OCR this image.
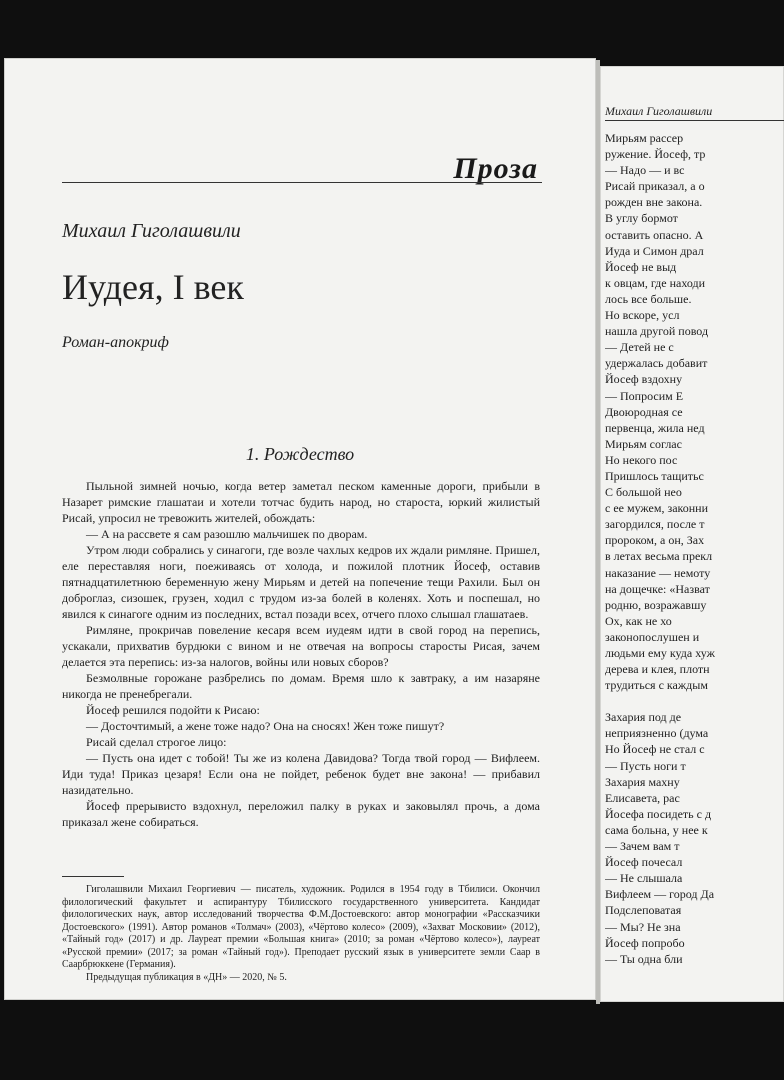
Проза
Михаил Гиголашвили
Иудея, I век
Роман-апокриф
1. Рождество

Пыльной зимней ночью, когда ветер заметал песком каменные дороги, прибыли в Назарет римские глашатаи и хотели тотчас будить народ, но староста, юркий жилистый Рисай, упросил не тревожить жителей, обождать:

— А на рассвете я сам разошлю мальчишек по дворам.

Утром люди собрались у синагоги, где возле чахлых кедров их ждали римляне. Пришел, еле переставляя ноги, поеживаясь от холода, и пожилой плотник Йосеф, оставив пятнадцатилетнюю беременную жену Мирьям и детей на попечение тещи Рахили. Был он доброглаз, сизошек, грузен, ходил с трудом из-за болей в коленях. Хоть и поспешал, но явился к синагоге одним из последних, встал позади всех, отчего плохо слышал глашатаев.

Римляне, прокричав повеление кесаря всем иудеям идти в свой город на перепись, ускакали, прихватив бурдюки с вином и не отвечая на вопросы старосты Рисая, зачем делается эта перепись: из-за налогов, войны или новых сборов?

Безмолвные горожане разбрелись по домам. Время шло к завтраку, а им назаряне никогда не пренебрегали.

Йосеф решился подойти к Рисаю:

— Досточтимый, а жене тоже надо? Она на сносях! Жен тоже пишут?

Рисай сделал строгое лицо:

— Пусть она идет с тобой! Ты же из колена Давидова? Тогда твой город — Вифлеем. Иди туда! Приказ цезаря! Если она не пойдет, ребенок будет вне закона! — прибавил назидательно.

Йосеф прерывисто вздохнул, переложил палку в руках и заковылял прочь, а дома приказал жене собираться.

Гиголашвили Михаил Георгиевич — писатель, художник. Родился в 1954 году в Тбилиси. Окончил филологический факультет и аспирантуру Тбилисского государственного университета. Кандидат филологических наук, автор исследований творчества Ф.М.Достоевского: автор монографии «Рассказчики Достоевского» (1991). Автор романов «Толмач» (2003), «Чёртово колесо» (2009), «Захват Московии» (2012), «Тайный год» (2017) и др. Лауреат премии «Большая книга» (2010; за роман «Чёртово колесо»), лауреат «Русской премии» (2017; за роман «Тайный год»). Преподает русский язык в университете земли Саар в Саарбрюккене (Германия).

Предыдущая публикация в «ДН» — 2020, № 5.

Михаил Гиголашвили
Мирьям рассер
ружение. Йосеф, тр
— Надо — и вс
Рисай приказал, а о
рожден вне закона.
В углу бормот
оставить опасно. А
Иуда и Симон драл
Йосеф не выд
к овцам, где находи
лось все больше.
Но вскоре, усл
нашла другой повод
— Детей не с
удержалась добавит
Йосеф вздохну
— Попросим Е
Двоюродная се
первенца, жила нед
Мирьям соглас
Но некого пос
Пришлось тащитьс
С большой нео
с ее мужем, законни
загордился, после т
пророком, а он, Зах
в летах весьма прекл
наказание — немоту
на дощечке: «Назват
родню, возражавшу
Ох, как не хо
законопослушен и
людьми ему куда хуж
дерева и клея, плотн
трудиться с каждым
Захария под де
неприязненно (дума
Но Йосеф не стал с
— Пусть ноги т
Захария махну
Елисавета, рас
Йосефа посидеть с д
сама больна, у нее к
— Зачем вам т
Йосеф почесал
— Не слышала
Вифлеем — город Да
Подслеповатая
— Мы? Не зна
Йосеф попробо
— Ты одна бли
